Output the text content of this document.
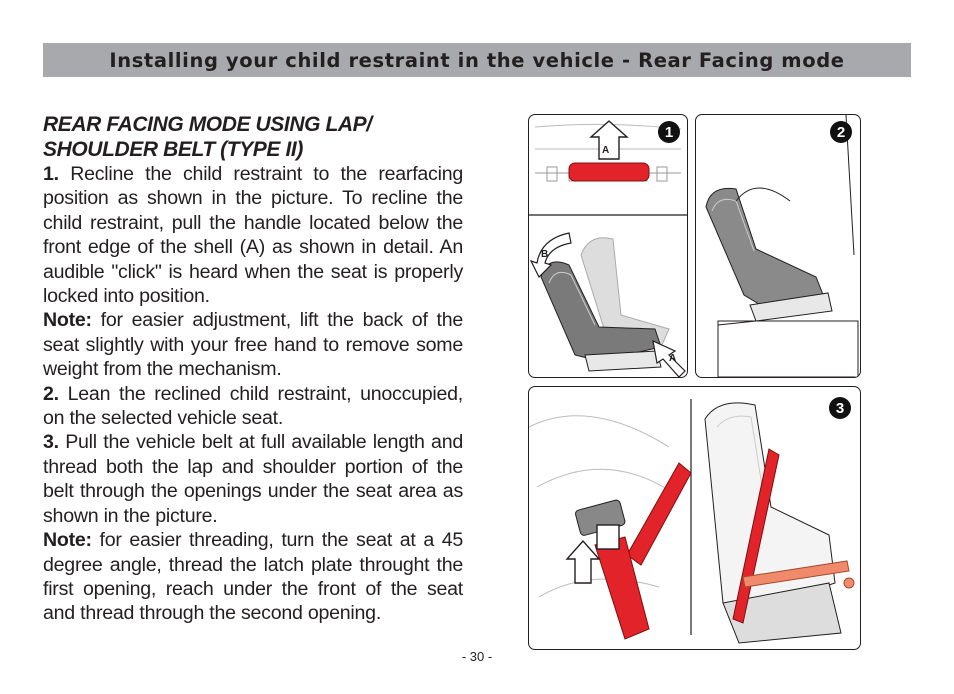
Installing your child restraint in the vehicle - Rear Facing mode
REAR FACING MODE USING LAP/
SHOULDER BELT (TYPE II)

1. Recline the child restraint to the rearfacing position as shown in the picture. To recline the child restraint, pull the handle located below the front edge of the shell (A) as shown in detail. An audible "click" is heard when the seat is properly locked into position.

Note: for easier adjustment, lift the back of the seat slightly with your free hand to remove some weight from the mechanism.

2. Lean the reclined child restraint, unoccupied, on the selected vehicle seat.

3. Pull the vehicle belt at full available length and thread both the lap and shoulder portion of the belt through the openings under the seat area as shown in the picture.

Note: for easier threading, turn the seat at a 45 degree angle, thread the latch plate throught the first opening, reach under the front of the seat and thread through the second opening.

A
B
A
1	2
3
- 30 -
